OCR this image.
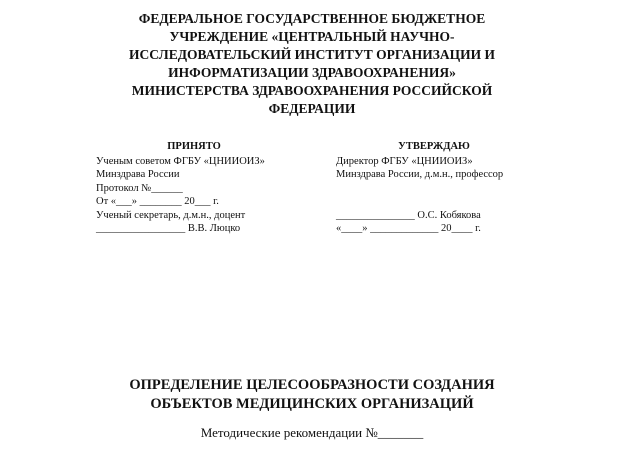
ФЕДЕРАЛЬНОЕ ГОСУДАРСТВЕННОЕ БЮДЖЕТНОЕ
УЧРЕЖДЕНИЕ «ЦЕНТРАЛЬНЫЙ НАУЧНО-
ИССЛЕДОВАТЕЛЬСКИЙ ИНСТИТУТ ОРГАНИЗАЦИИ И
ИНФОРМАТИЗАЦИИ ЗДРАВООХРАНЕНИЯ»
МИНИСТЕРСТВА ЗДРАВООХРАНЕНИЯ РОССИЙСКОЙ
ФЕДЕРАЦИИ
ПРИНЯТО
Ученым советом ФГБУ «ЦНИИОИЗ»
Минздрава России
Протокол №______
От «___» ________ 20___ г.
Ученый секретарь, д.м.н., доцент
_________________ В.В. Люцко
УТВЕРЖДАЮ
Директор ФГБУ «ЦНИИОИЗ»
Минздрава России, д.м.н., профессор
_______________ О.С. Кобякова
«____» _____________ 20____ г.
ОПРЕДЕЛЕНИЕ ЦЕЛЕСООБРАЗНОСТИ СОЗДАНИЯ
ОБЪЕКТОВ МЕДИЦИНСКИХ ОРГАНИЗАЦИЙ
Методические рекомендации №_______
